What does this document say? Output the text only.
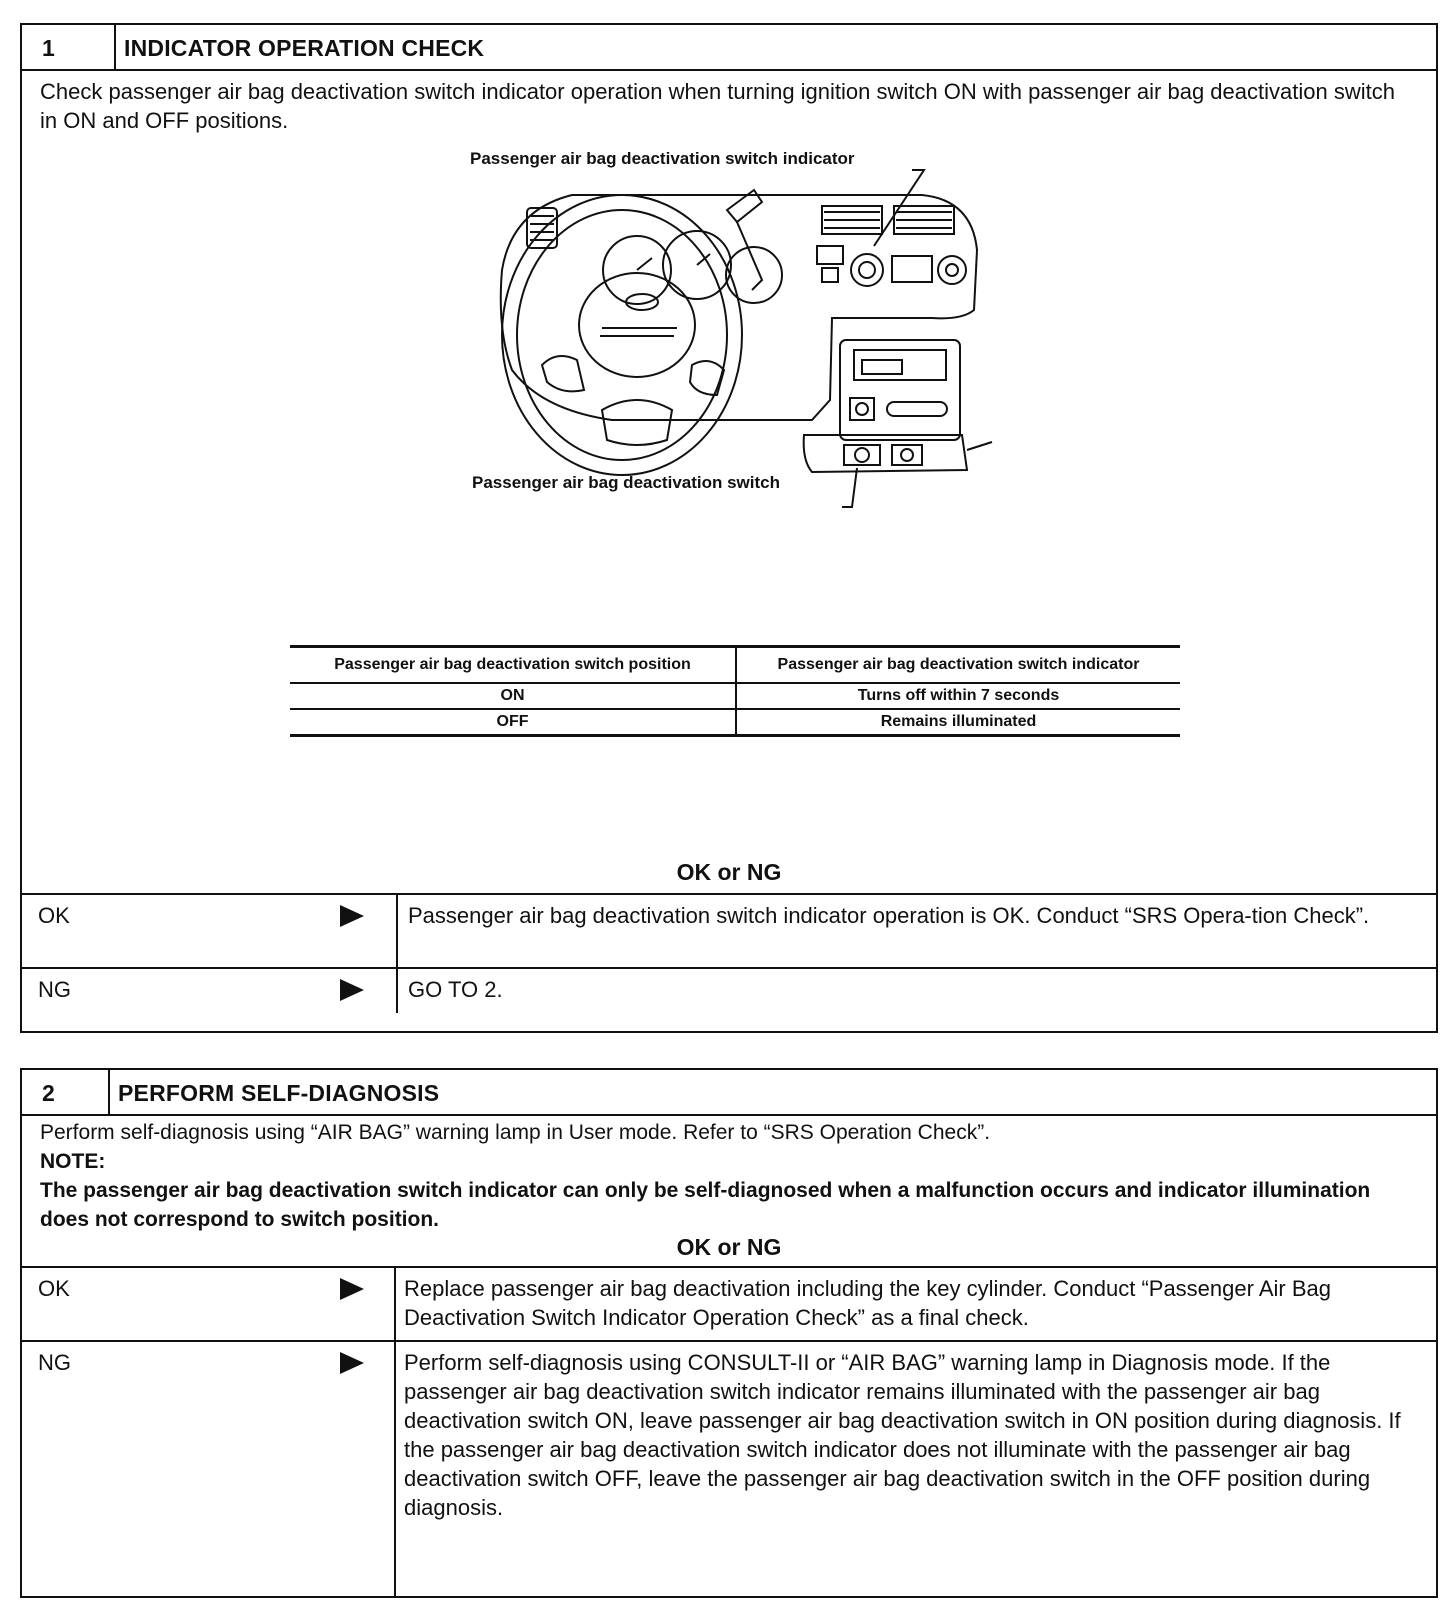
1	INDICATOR OPERATION CHECK
Check passenger air bag deactivation switch indicator operation when turning ignition switch ON with passenger air bag deactivation switch in ON and OFF positions.
Passenger air bag deactivation switch indicator
Passenger air bag deactivation switch
Passenger air bag deactivation switch position	Passenger air bag deactivation switch indicator
ON	Turns off within 7 seconds
OFF	Remains illuminated
OK or NG
OK	Passenger air bag deactivation switch indicator operation is OK. Conduct “SRS Opera-tion Check”.
NG	GO TO 2.
2	PERFORM SELF-DIAGNOSIS
Perform self-diagnosis using “AIR BAG” warning lamp in User mode. Refer to “SRS Operation Check”.
NOTE:
The passenger air bag deactivation switch indicator can only be self-diagnosed when a malfunction occurs and indicator illumination does not correspond to switch position.
OK or NG
OK	Replace passenger air bag deactivation including the key cylinder. Conduct “Passenger Air Bag Deactivation Switch Indicator Operation Check” as a final check.
NG	Perform self-diagnosis using CONSULT-II or “AIR BAG” warning lamp in Diagnosis mode. If the passenger air bag deactivation switch indicator remains illuminated with the passenger air bag deactivation switch ON, leave passenger air bag deactivation switch in ON position during diagnosis. If the passenger air bag deactivation switch indicator does not illuminate with the passenger air bag deactivation switch OFF, leave the passenger air bag deactivation switch in the OFF position during diagnosis.
